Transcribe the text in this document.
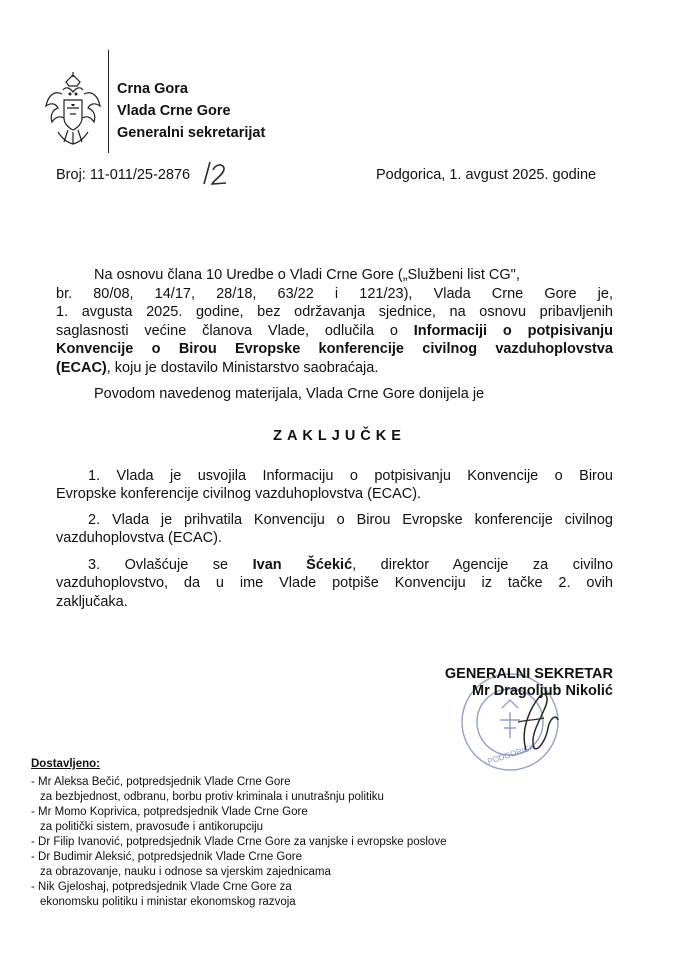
Crna Gora
Vlada Crne Gore
Generalni sekretarijat
Broj: 11-011/25-2876	Podgorica, 1. avgust 2025. godine
Na osnovu člana 10 Uredbe o Vladi Crne Gore („Službeni list CG",
br. 80/08, 14/17, 28/18, 63/22 i 121/23), Vlada Crne Gore je,
1. avgusta 2025. godine, bez održavanja sjednice, na osnovu pribavljenih
saglasnosti većine članova Vlade, odlučila o Informaciji o potpisivanju
Konvencije o Birou Evropske konferencije civilnog vazduhoplovstva
(ECAC), koju je dostavilo Ministarstvo saobraćaja.
Povodom navedenog materijala, Vlada Crne Gore donijela je
ZAKLJUČKE
1. Vlada je usvojila Informaciju o potpisivanju Konvencije o Birou
Evropske konferencije civilnog vazduhoplovstva (ECAC).
2. Vlada je prihvatila Konvenciju o Birou Evropske konferencije civilnog
vazduhoplovstva (ECAC).
3. Ovlašćuje se Ivan Šćekić, direktor Agencije za civilno
vazduhoplovstvo, da u ime Vlade potpiše Konvenciju iz tačke 2. ovih
zaključaka.
PODGORICA
GENERALNI SEKRETAR
Mr Dragoljub Nikolić
Dostavljeno:
- Mr Aleksa Bečić, potpredsjednik Vlade Crne Gore
za bezbjednost, odbranu, borbu protiv kriminala i unutrašnju politiku
- Mr Momo Koprivica, potpredsjednik Vlade Crne Gore
za politički sistem, pravosuđe i antikorupciju
- Dr Filip Ivanović, potpredsjednik Vlade Crne Gore za vanjske i evropske poslove
- Dr Budimir Aleksić, potpredsjednik Vlade Crne Gore
za obrazovanje, nauku i odnose sa vjerskim zajednicama
- Nik Gjeloshaj, potpredsjednik Vlade Crne Gore za
ekonomsku politiku i ministar ekonomskog razvoja
